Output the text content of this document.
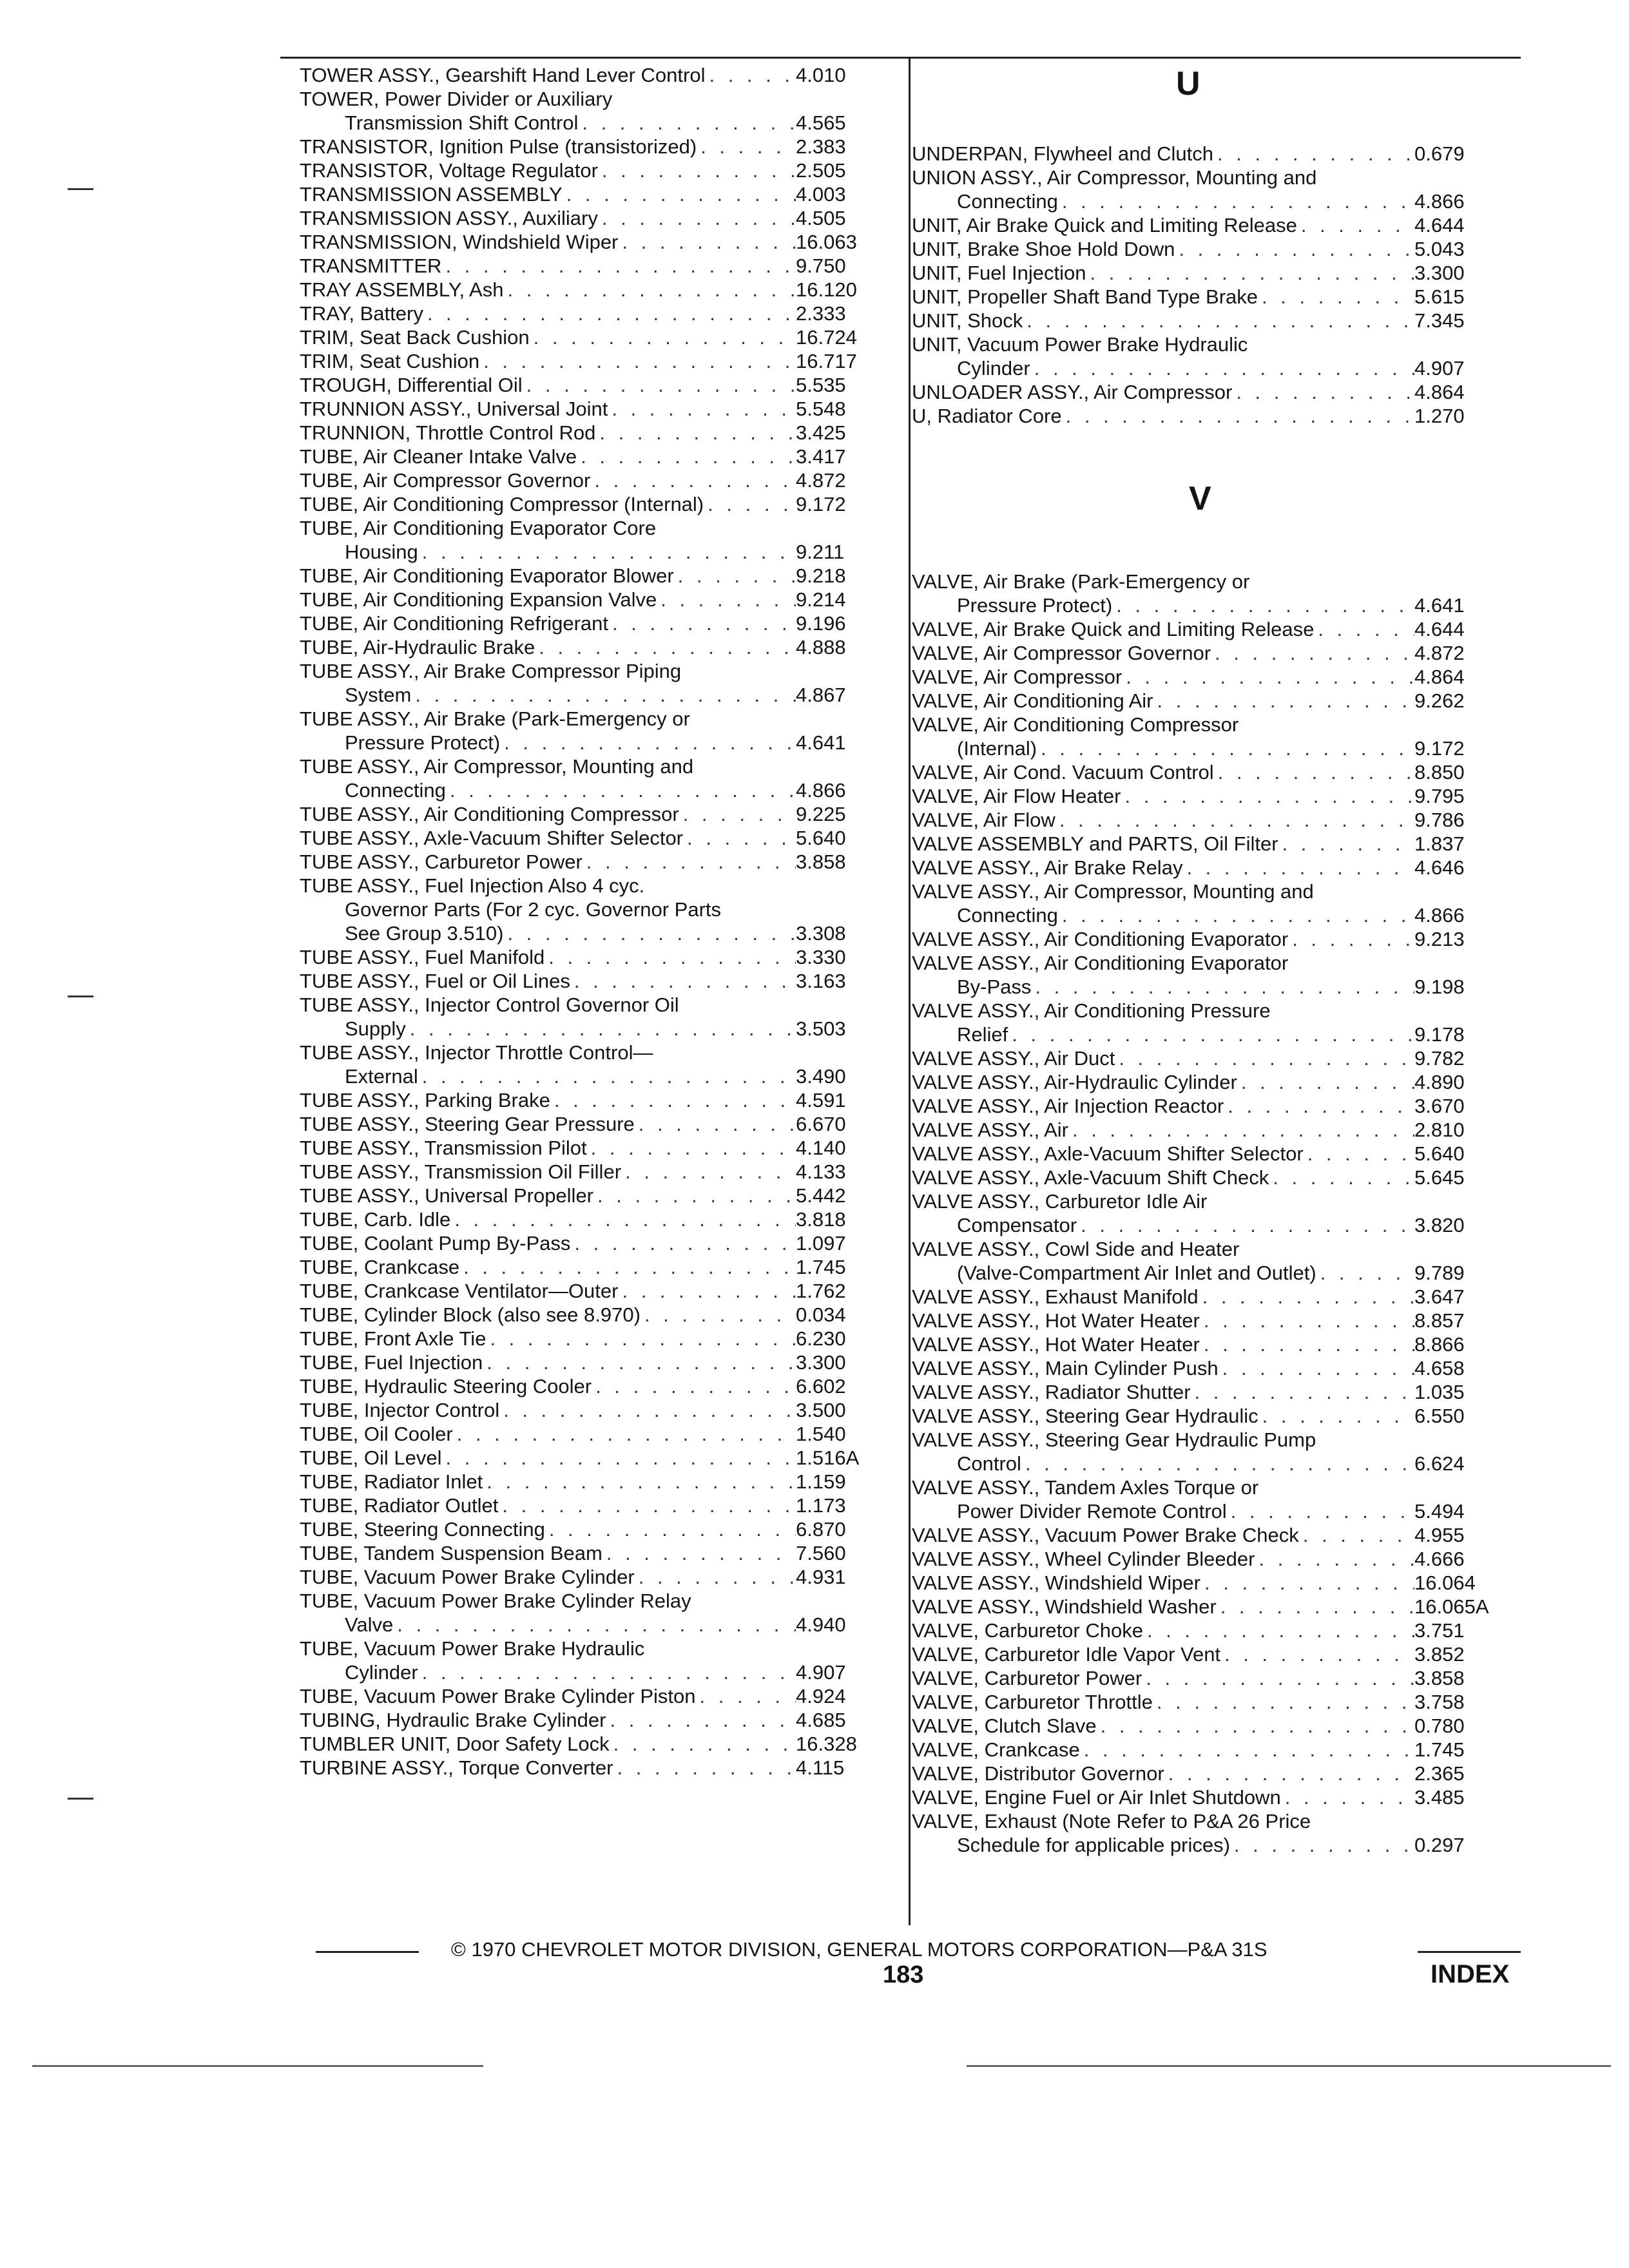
TOWER ASSY., Gearshift Hand Lever Control . . .	4.010
TOWER, Power Divider or Auxiliary
Transmission Shift Control . . .	4.565
TRANSISTOR, Ignition Pulse (transistorized) . . .	2.383
TRANSISTOR, Voltage Regulator . . .	2.505
TRANSMISSION ASSEMBLY . . .	4.003
TRANSMISSION ASSY., Auxiliary . . .	4.505
TRANSMISSION, Windshield Wiper . . .	16.063
TRANSMITTER . . .	9.750
TRAY ASSEMBLY, Ash . . .	16.120
TRAY, Battery . . .	2.333
TRIM, Seat Back Cushion . . .	16.724
TRIM, Seat Cushion . . .	16.717
TROUGH, Differential Oil . . .	5.535
TRUNNION ASSY., Universal Joint . . .	5.548
TRUNNION, Throttle Control Rod . . .	3.425
TUBE, Air Cleaner Intake Valve . . .	3.417
TUBE, Air Compressor Governor . . .	4.872
TUBE, Air Conditioning Compressor (Internal) . . .	9.172
TUBE, Air Conditioning Evaporator Core
Housing . . .	9.211
TUBE, Air Conditioning Evaporator Blower . . .	9.218
TUBE, Air Conditioning Expansion Valve . . .	9.214
TUBE, Air Conditioning Refrigerant . . .	9.196
TUBE, Air-Hydraulic Brake . . .	4.888
TUBE ASSY., Air Brake Compressor Piping
System . . .	4.867
TUBE ASSY., Air Brake (Park-Emergency or
Pressure Protect) . . .	4.641
TUBE ASSY., Air Compressor, Mounting and
Connecting . . .	4.866
TUBE ASSY., Air Conditioning Compressor . . .	9.225
TUBE ASSY., Axle-Vacuum Shifter Selector . . .	5.640
TUBE ASSY., Carburetor Power . . .	3.858
TUBE ASSY., Fuel Injection Also 4 cyc.
Governor Parts (For 2 cyc. Governor Parts
See Group 3.510) . . .	3.308
TUBE ASSY., Fuel Manifold . . .	3.330
TUBE ASSY., Fuel or Oil Lines . . .	3.163
TUBE ASSY., Injector Control Governor Oil
Supply . . .	3.503
TUBE ASSY., Injector Throttle Control—
External . . .	3.490
TUBE ASSY., Parking Brake . . .	4.591
TUBE ASSY., Steering Gear Pressure . . .	6.670
TUBE ASSY., Transmission Pilot . . .	4.140
TUBE ASSY., Transmission Oil Filler . . .	4.133
TUBE ASSY., Universal Propeller . . .	5.442
TUBE, Carb. Idle . . .	3.818
TUBE, Coolant Pump By-Pass . . .	1.097
TUBE, Crankcase . . .	1.745
TUBE, Crankcase Ventilator—Outer . . .	1.762
TUBE, Cylinder Block (also see 8.970) . . .	0.034
TUBE, Front Axle Tie . . .	6.230
TUBE, Fuel Injection . . .	3.300
TUBE, Hydraulic Steering Cooler . . .	6.602
TUBE, Injector Control . . .	3.500
TUBE, Oil Cooler . . .	1.540
TUBE, Oil Level . . .	1.516A
TUBE, Radiator Inlet . . .	1.159
TUBE, Radiator Outlet . . .	1.173
TUBE, Steering Connecting . . .	6.870
TUBE, Tandem Suspension Beam . . .	7.560
TUBE, Vacuum Power Brake Cylinder . . .	4.931
TUBE, Vacuum Power Brake Cylinder Relay
Valve . . .	4.940
TUBE, Vacuum Power Brake Hydraulic
Cylinder . . .	4.907
TUBE, Vacuum Power Brake Cylinder Piston . . .	4.924
TUBING, Hydraulic Brake Cylinder . . .	4.685
TUMBLER UNIT, Door Safety Lock . . .	16.328
TURBINE ASSY., Torque Converter . . .	4.115
U
UNDERPAN, Flywheel and Clutch . . .	0.679
UNION ASSY., Air Compressor, Mounting and
Connecting . . .	4.866
UNIT, Air Brake Quick and Limiting Release . . .	4.644
UNIT, Brake Shoe Hold Down . . .	5.043
UNIT, Fuel Injection . . .	3.300
UNIT, Propeller Shaft Band Type Brake . . .	5.615
UNIT, Shock . . .	7.345
UNIT, Vacuum Power Brake Hydraulic
Cylinder . . .	4.907
UNLOADER ASSY., Air Compressor . . .	4.864
U, Radiator Core . . .	1.270
V
VALVE, Air Brake (Park-Emergency or
Pressure Protect) . . .	4.641
VALVE, Air Brake Quick and Limiting Release . . .	4.644
VALVE, Air Compressor Governor . . .	4.872
VALVE, Air Compressor . . .	4.864
VALVE, Air Conditioning Air . . .	9.262
VALVE, Air Conditioning Compressor
(Internal) . . .	9.172
VALVE, Air Cond. Vacuum Control . . .	8.850
VALVE, Air Flow Heater . . .	9.795
VALVE, Air Flow . . .	9.786
VALVE ASSEMBLY and PARTS, Oil Filter . . .	1.837
VALVE ASSY., Air Brake Relay . . .	4.646
VALVE ASSY., Air Compressor, Mounting and
Connecting . . .	4.866
VALVE ASSY., Air Conditioning Evaporator . . .	9.213
VALVE ASSY., Air Conditioning Evaporator
By-Pass . . .	9.198
VALVE ASSY., Air Conditioning Pressure
Relief . . .	9.178
VALVE ASSY., Air Duct . . .	9.782
VALVE ASSY., Air-Hydraulic Cylinder . . .	4.890
VALVE ASSY., Air Injection Reactor . . .	3.670
VALVE ASSY., Air . . .	2.810
VALVE ASSY., Axle-Vacuum Shifter Selector . . .	5.640
VALVE ASSY., Axle-Vacuum Shift Check . . .	5.645
VALVE ASSY., Carburetor Idle Air
Compensator . . .	3.820
VALVE ASSY., Cowl Side and Heater
(Valve-Compartment Air Inlet and Outlet) . . .	9.789
VALVE ASSY., Exhaust Manifold . . .	3.647
VALVE ASSY., Hot Water Heater . . .	8.857
VALVE ASSY., Hot Water Heater . . .	8.866
VALVE ASSY., Main Cylinder Push . . .	4.658
VALVE ASSY., Radiator Shutter . . .	1.035
VALVE ASSY., Steering Gear Hydraulic . . .	6.550
VALVE ASSY., Steering Gear Hydraulic Pump
Control . . .	6.624
VALVE ASSY., Tandem Axles Torque or
Power Divider Remote Control . . .	5.494
VALVE ASSY., Vacuum Power Brake Check . . .	4.955
VALVE ASSY., Wheel Cylinder Bleeder . . .	4.666
VALVE ASSY., Windshield Wiper . . .	16.064
VALVE ASSY., Windshield Washer . . .	16.065A
VALVE, Carburetor Choke . . .	3.751
VALVE, Carburetor Idle Vapor Vent . . .	3.852
VALVE, Carburetor Power . . .	3.858
VALVE, Carburetor Throttle . . .	3.758
VALVE, Clutch Slave . . .	0.780
VALVE, Crankcase . . .	1.745
VALVE, Distributor Governor . . .	2.365
VALVE, Engine Fuel or Air Inlet Shutdown . . .	3.485
VALVE, Exhaust (Note Refer to P&A 26 Price
Schedule for applicable prices) . . .	0.297
© 1970 CHEVROLET MOTOR DIVISION, GENERAL MOTORS CORPORATION—P&A 31S
183	INDEX
